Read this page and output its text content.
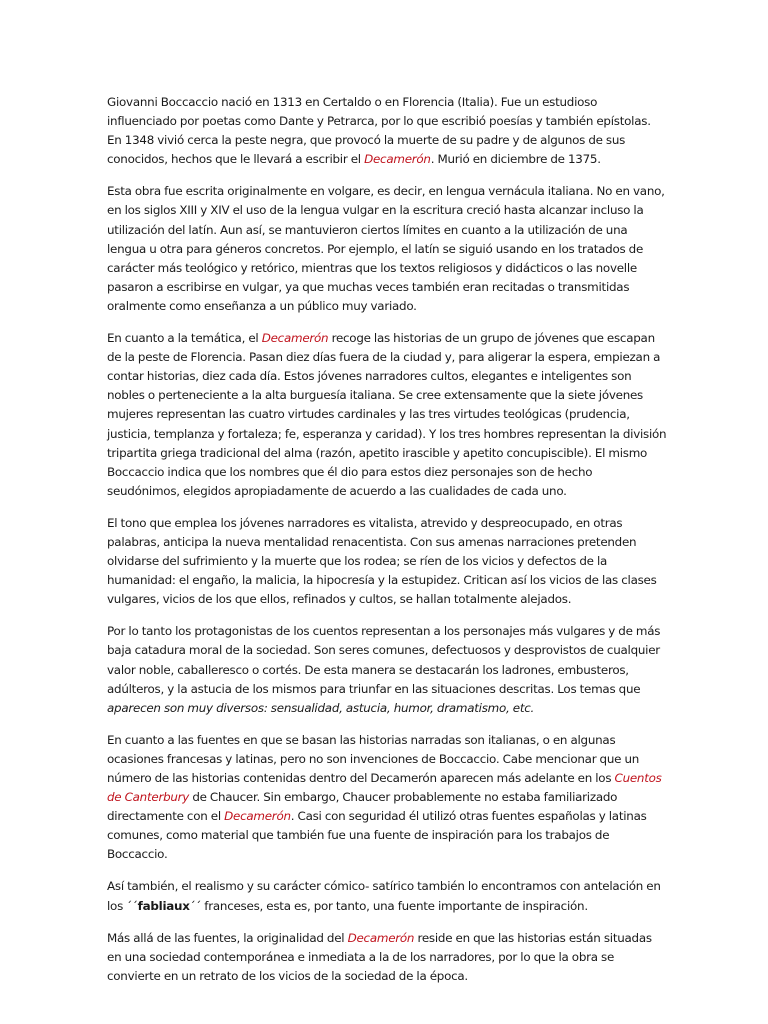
Giovanni Boccaccio nació en 1313 en Certaldo o en Florencia (Italia). Fue un estudioso influenciado por poetas como Dante y Petrarca, por lo que escribió poesías y también epístolas. En 1348 vivió cerca la peste negra, que provocó la muerte de su padre y de algunos de sus conocidos, hechos que le llevará a escribir el Decamerón. Murió en diciembre de 1375.

Esta obra fue escrita originalmente en volgare, es decir, en lengua vernácula italiana. No en vano, en los siglos XIII y XIV el uso de la lengua vulgar en la escritura creció hasta alcanzar incluso la utilización del latín. Aun así, se mantuvieron ciertos límites en cuanto a la utilización de una lengua u otra para géneros concretos. Por ejemplo, el latín se siguió usando en los tratados de carácter más teológico y retórico, mientras que los textos religiosos y didácticos o las novelle pasaron a escribirse en vulgar, ya que muchas veces también eran recitadas o transmitidas oralmente como enseñanza a un público muy variado.

En cuanto a la temática, el Decamerón recoge las historias de un grupo de jóvenes que escapan de la peste de Florencia. Pasan diez días fuera de la ciudad y, para aligerar la espera, empiezan a contar historias, diez cada día. Estos jóvenes narradores cultos, elegantes e inteligentes son nobles o perteneciente a la alta burguesía italiana. Se cree extensamente que la siete jóvenes mujeres representan las cuatro virtudes cardinales y las tres virtudes teológicas (prudencia, justicia, templanza y fortaleza; fe, esperanza y caridad). Y los tres hombres representan la división tripartita griega tradicional del alma (razón, apetito irascible y apetito concupiscible). El mismo Boccaccio indica que los nombres que él dio para estos diez personajes son de hecho seudónimos, elegidos apropiadamente de acuerdo a las cualidades de cada uno.

El tono que emplea los jóvenes narradores es vitalista, atrevido y despreocupado, en otras palabras, anticipa la nueva mentalidad renacentista. Con sus amenas narraciones pretenden olvidarse del sufrimiento y la muerte que los rodea; se ríen de los vicios y defectos de la humanidad: el engaño, la malicia, la hipocresía y la estupidez. Critican así los vicios de las clases vulgares, vicios de los que ellos, refinados y cultos, se hallan totalmente alejados.

Por lo tanto los protagonistas de los cuentos representan a los personajes más vulgares y de más baja catadura moral de la sociedad. Son seres comunes, defectuosos y desprovistos de cualquier valor noble, caballeresco o cortés. De esta manera se destacarán los ladrones, embusteros, adúlteros, y la astucia de los mismos para triunfar en las situaciones descritas. Los temas que aparecen son muy diversos: sensualidad, astucia, humor, dramatismo, etc.

En cuanto a las fuentes en que se basan las historias narradas son italianas, o en algunas ocasiones francesas y latinas, pero no son invenciones de Boccaccio. Cabe mencionar que un número de las historias contenidas dentro del Decamerón aparecen más adelante en los Cuentos de Canterbury de Chaucer. Sin embargo, Chaucer probablemente no estaba familiarizado directamente con el Decamerón. Casi con seguridad él utilizó otras fuentes españolas y latinas comunes, como material que también fue una fuente de inspiración para los trabajos de Boccaccio.

Así también, el realismo y su carácter cómico- satírico también lo encontramos con antelación en los ´´fabliaux´´ franceses, esta es, por tanto, una fuente importante de inspiración.

Más allá de las fuentes, la originalidad del Decamerón reside en que las historias están situadas en una sociedad contemporánea e inmediata a la de los narradores, por lo que la obra se convierte en un retrato de los vicios de la sociedad de la época.
